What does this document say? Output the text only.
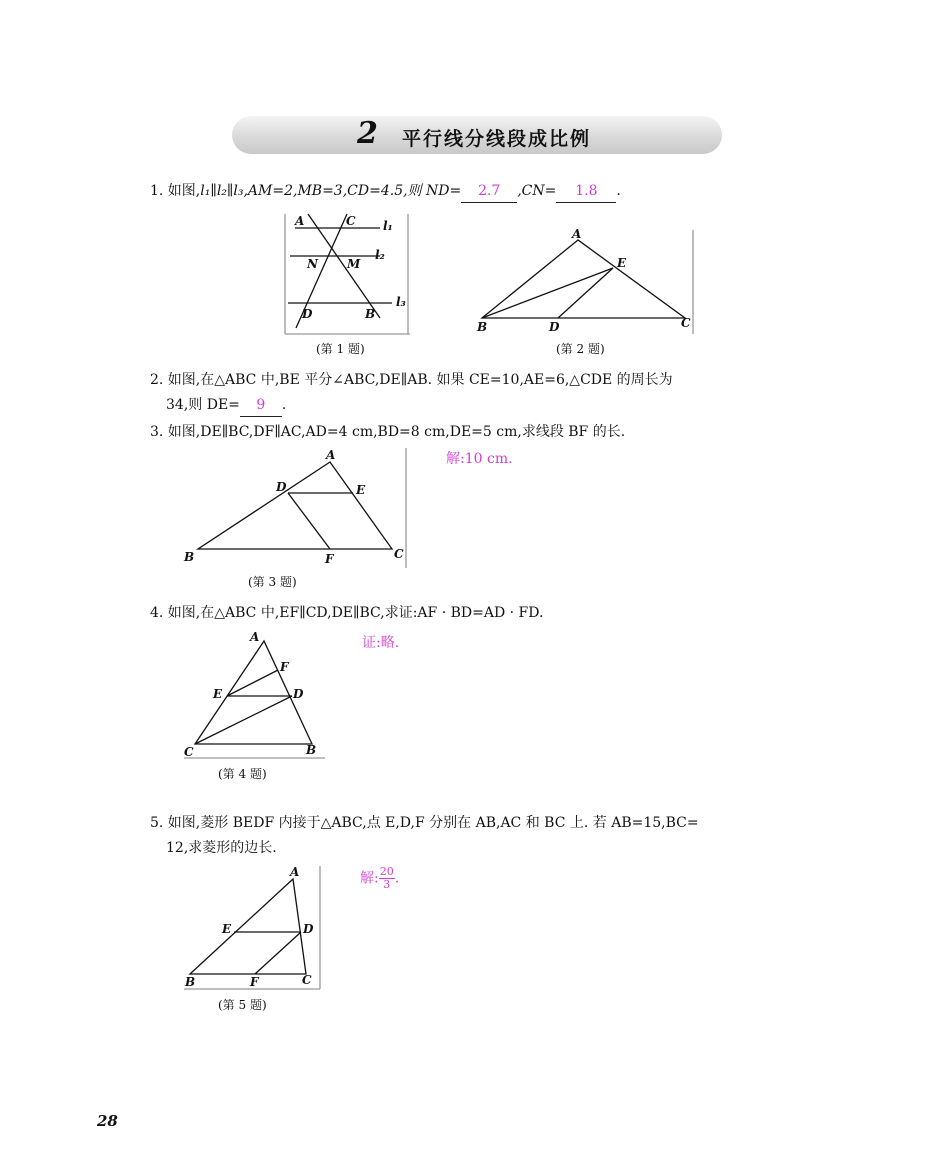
2 平行线分线段成比例
1. 如图,l₁∥l₂∥l₃,AM=2,MB=3,CD=4.5,则 ND= 2.7 ,CN= 1.8 .
A	C l₁
N M
l₂
D	B
l₃
(第 1 题)
A
E
B	D	C
(第 2 题)
2. 如图,在△ABC 中,BE 平分∠ABC,DE∥AB. 如果 CE=10,AE=6,△CDE 的周长为
34,则 DE= 9 .
3. 如图,DE∥BC,DF∥AC,AD=4 cm,BD=8 cm,DE=5 cm,求线段 BF 的长.
解:10 cm.
A
D	E
B	F	C
(第 3 题)
4. 如图,在△ABC 中,EF∥CD,DE∥BC,求证:AF · BD=AD · FD.
证:略.
A
F
E	D
C	B
(第 4 题)
5. 如图,菱形 BEDF 内接于△ABC,点 E,D,F 分别在 AB,AC 和 BC 上. 若 AB=15,BC=
12,求菱形的边长.
解: $\frac{20}{3}$ .
A
E	D
B	F	C
(第 5 题)
28
